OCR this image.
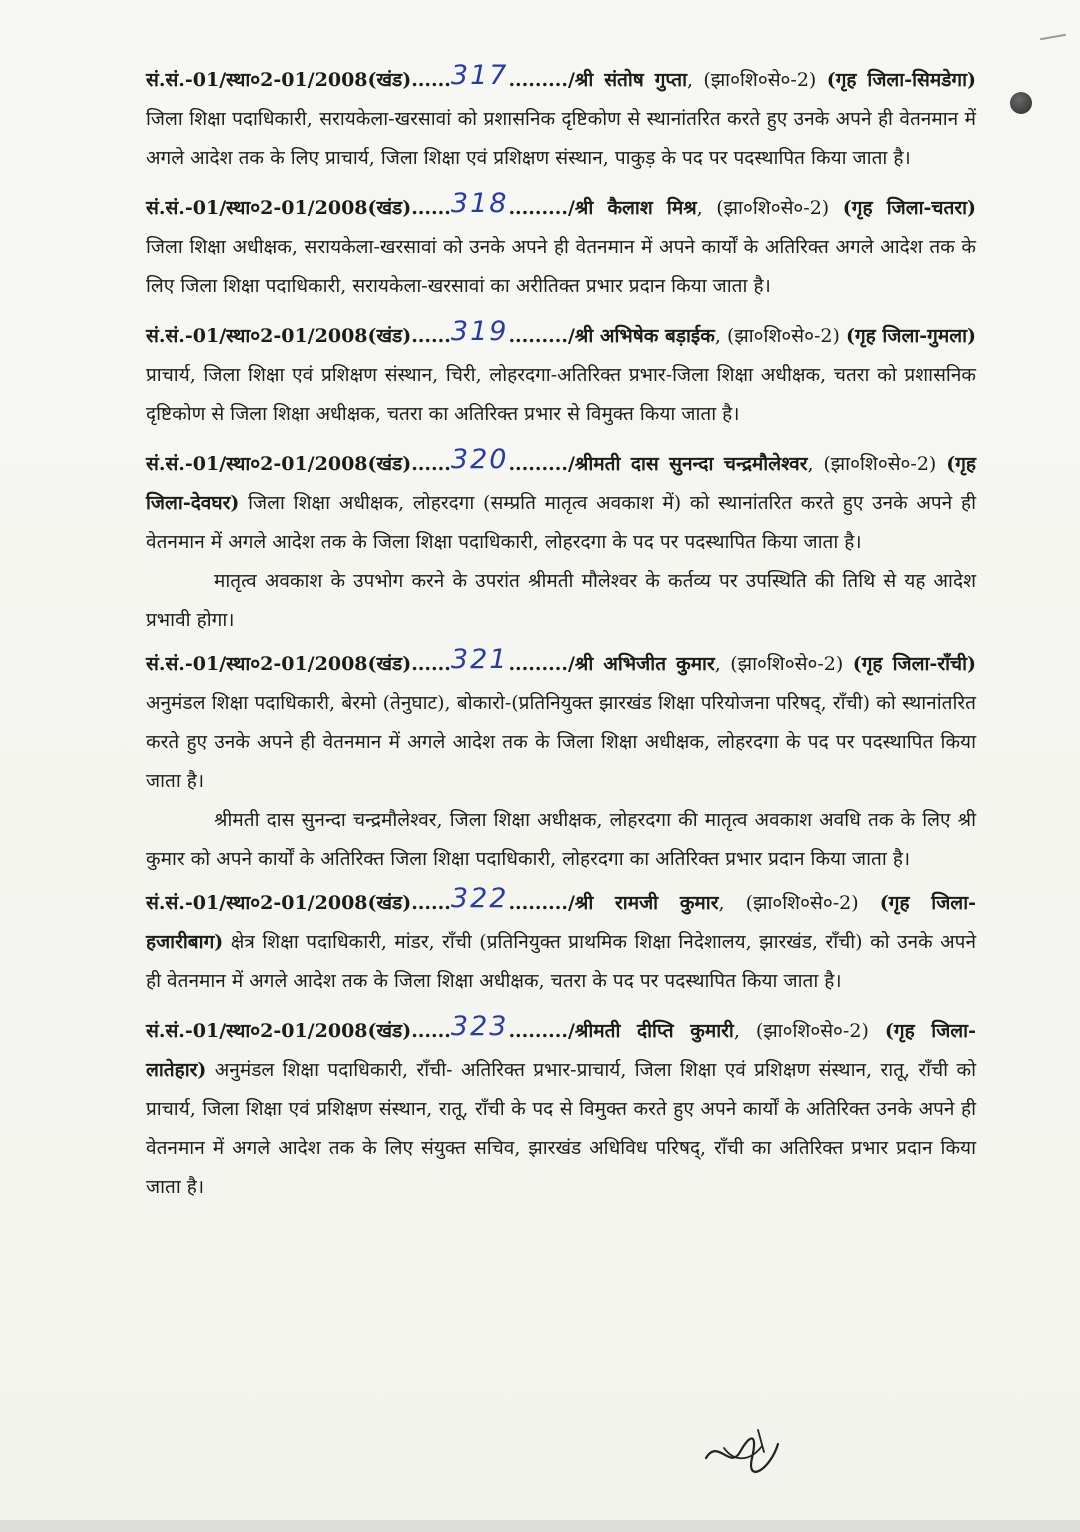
सं.सं.-01/स्था०2-01/2008(खंड)......317........./श्री संतोष गुप्ता, (झा०शि०से०-2) (गृह जिला-सिमडेगा) जिला शिक्षा पदाधिकारी, सरायकेला-खरसावां को प्रशासनिक दृष्टिकोण से स्थानांतरित करते हुए उनके अपने ही वेतनमान में अगले आदेश तक के लिए प्राचार्य, जिला शिक्षा एवं प्रशिक्षण संस्थान, पाकुड़ के पद पर पदस्थापित किया जाता है।

सं.सं.-01/स्था०2-01/2008(खंड)......318........./श्री कैलाश मिश्र, (झा०शि०से०-2) (गृह जिला-चतरा) जिला शिक्षा अधीक्षक, सरायकेला-खरसावां को उनके अपने ही वेतनमान में अपने कार्यों के अतिरिक्त अगले आदेश तक के लिए जिला शिक्षा पदाधिकारी, सरायकेला-खरसावां का अरीतिक्त प्रभार प्रदान किया जाता है।

सं.सं.-01/स्था०2-01/2008(खंड)......319........./श्री अभिषेक बड़ाईक, (झा०शि०से०-2) (गृह जिला-गुमला) प्राचार्य, जिला शिक्षा एवं प्रशिक्षण संस्थान, चिरी, लोहरदगा-अतिरिक्त प्रभार-जिला शिक्षा अधीक्षक, चतरा को प्रशासनिक दृष्टिकोण से जिला शिक्षा अधीक्षक, चतरा का अतिरिक्त प्रभार से विमुक्त किया जाता है।

सं.सं.-01/स्था०2-01/2008(खंड)......320........./श्रीमती दास सुनन्दा चन्द्रमौलेश्वर, (झा०शि०से०-2) (गृह जिला-देवघर) जिला शिक्षा अधीक्षक, लोहरदगा (सम्प्रति मातृत्व अवकाश में) को स्थानांतरित करते हुए उनके अपने ही वेतनमान में अगले आदेश तक के जिला शिक्षा पदाधिकारी, लोहरदगा के पद पर पदस्थापित किया जाता है।

मातृत्व अवकाश के उपभोग करने के उपरांत श्रीमती मौलेश्वर के कर्तव्य पर उपस्थिति की तिथि से यह आदेश प्रभावी होगा।

सं.सं.-01/स्था०2-01/2008(खंड)......321........./श्री अभिजीत कुमार, (झा०शि०से०-2) (गृह जिला-राँची) अनुमंडल शिक्षा पदाधिकारी, बेरमो (तेनुघाट), बोकारो-(प्रतिनियुक्त झारखंड शिक्षा परियोजना परिषद्, राँची) को स्थानांतरित करते हुए उनके अपने ही वेतनमान में अगले आदेश तक के जिला शिक्षा अधीक्षक, लोहरदगा के पद पर पदस्थापित किया जाता है।

श्रीमती दास सुनन्दा चन्द्रमौलेश्वर, जिला शिक्षा अधीक्षक, लोहरदगा की मातृत्व अवकाश अवधि तक के लिए श्री कुमार को अपने कार्यों के अतिरिक्त जिला शिक्षा पदाधिकारी, लोहरदगा का अतिरिक्त प्रभार प्रदान किया जाता है।

सं.सं.-01/स्था०2-01/2008(खंड)......322........./श्री रामजी कुमार, (झा०शि०से०-2) (गृह जिला-हजारीबाग) क्षेत्र शिक्षा पदाधिकारी, मांडर, राँची (प्रतिनियुक्त प्राथमिक शिक्षा निदेशालय, झारखंड, राँची) को उनके अपने ही वेतनमान में अगले आदेश तक के जिला शिक्षा अधीक्षक, चतरा के पद पर पदस्थापित किया जाता है।

सं.सं.-01/स्था०2-01/2008(खंड)......323........./श्रीमती दीप्ति कुमारी, (झा०शि०से०-2) (गृह जिला-लातेहार) अनुमंडल शिक्षा पदाधिकारी, राँची- अतिरिक्त प्रभार-प्राचार्य, जिला शिक्षा एवं प्रशिक्षण संस्थान, रातू, राँची को प्राचार्य, जिला शिक्षा एवं प्रशिक्षण संस्थान, रातू, राँची के पद से विमुक्त करते हुए अपने कार्यों के अतिरिक्त उनके अपने ही वेतनमान में अगले आदेश तक के लिए संयुक्त सचिव, झारखंड अधिविध परिषद्, राँची का अतिरिक्त प्रभार प्रदान किया जाता है।
